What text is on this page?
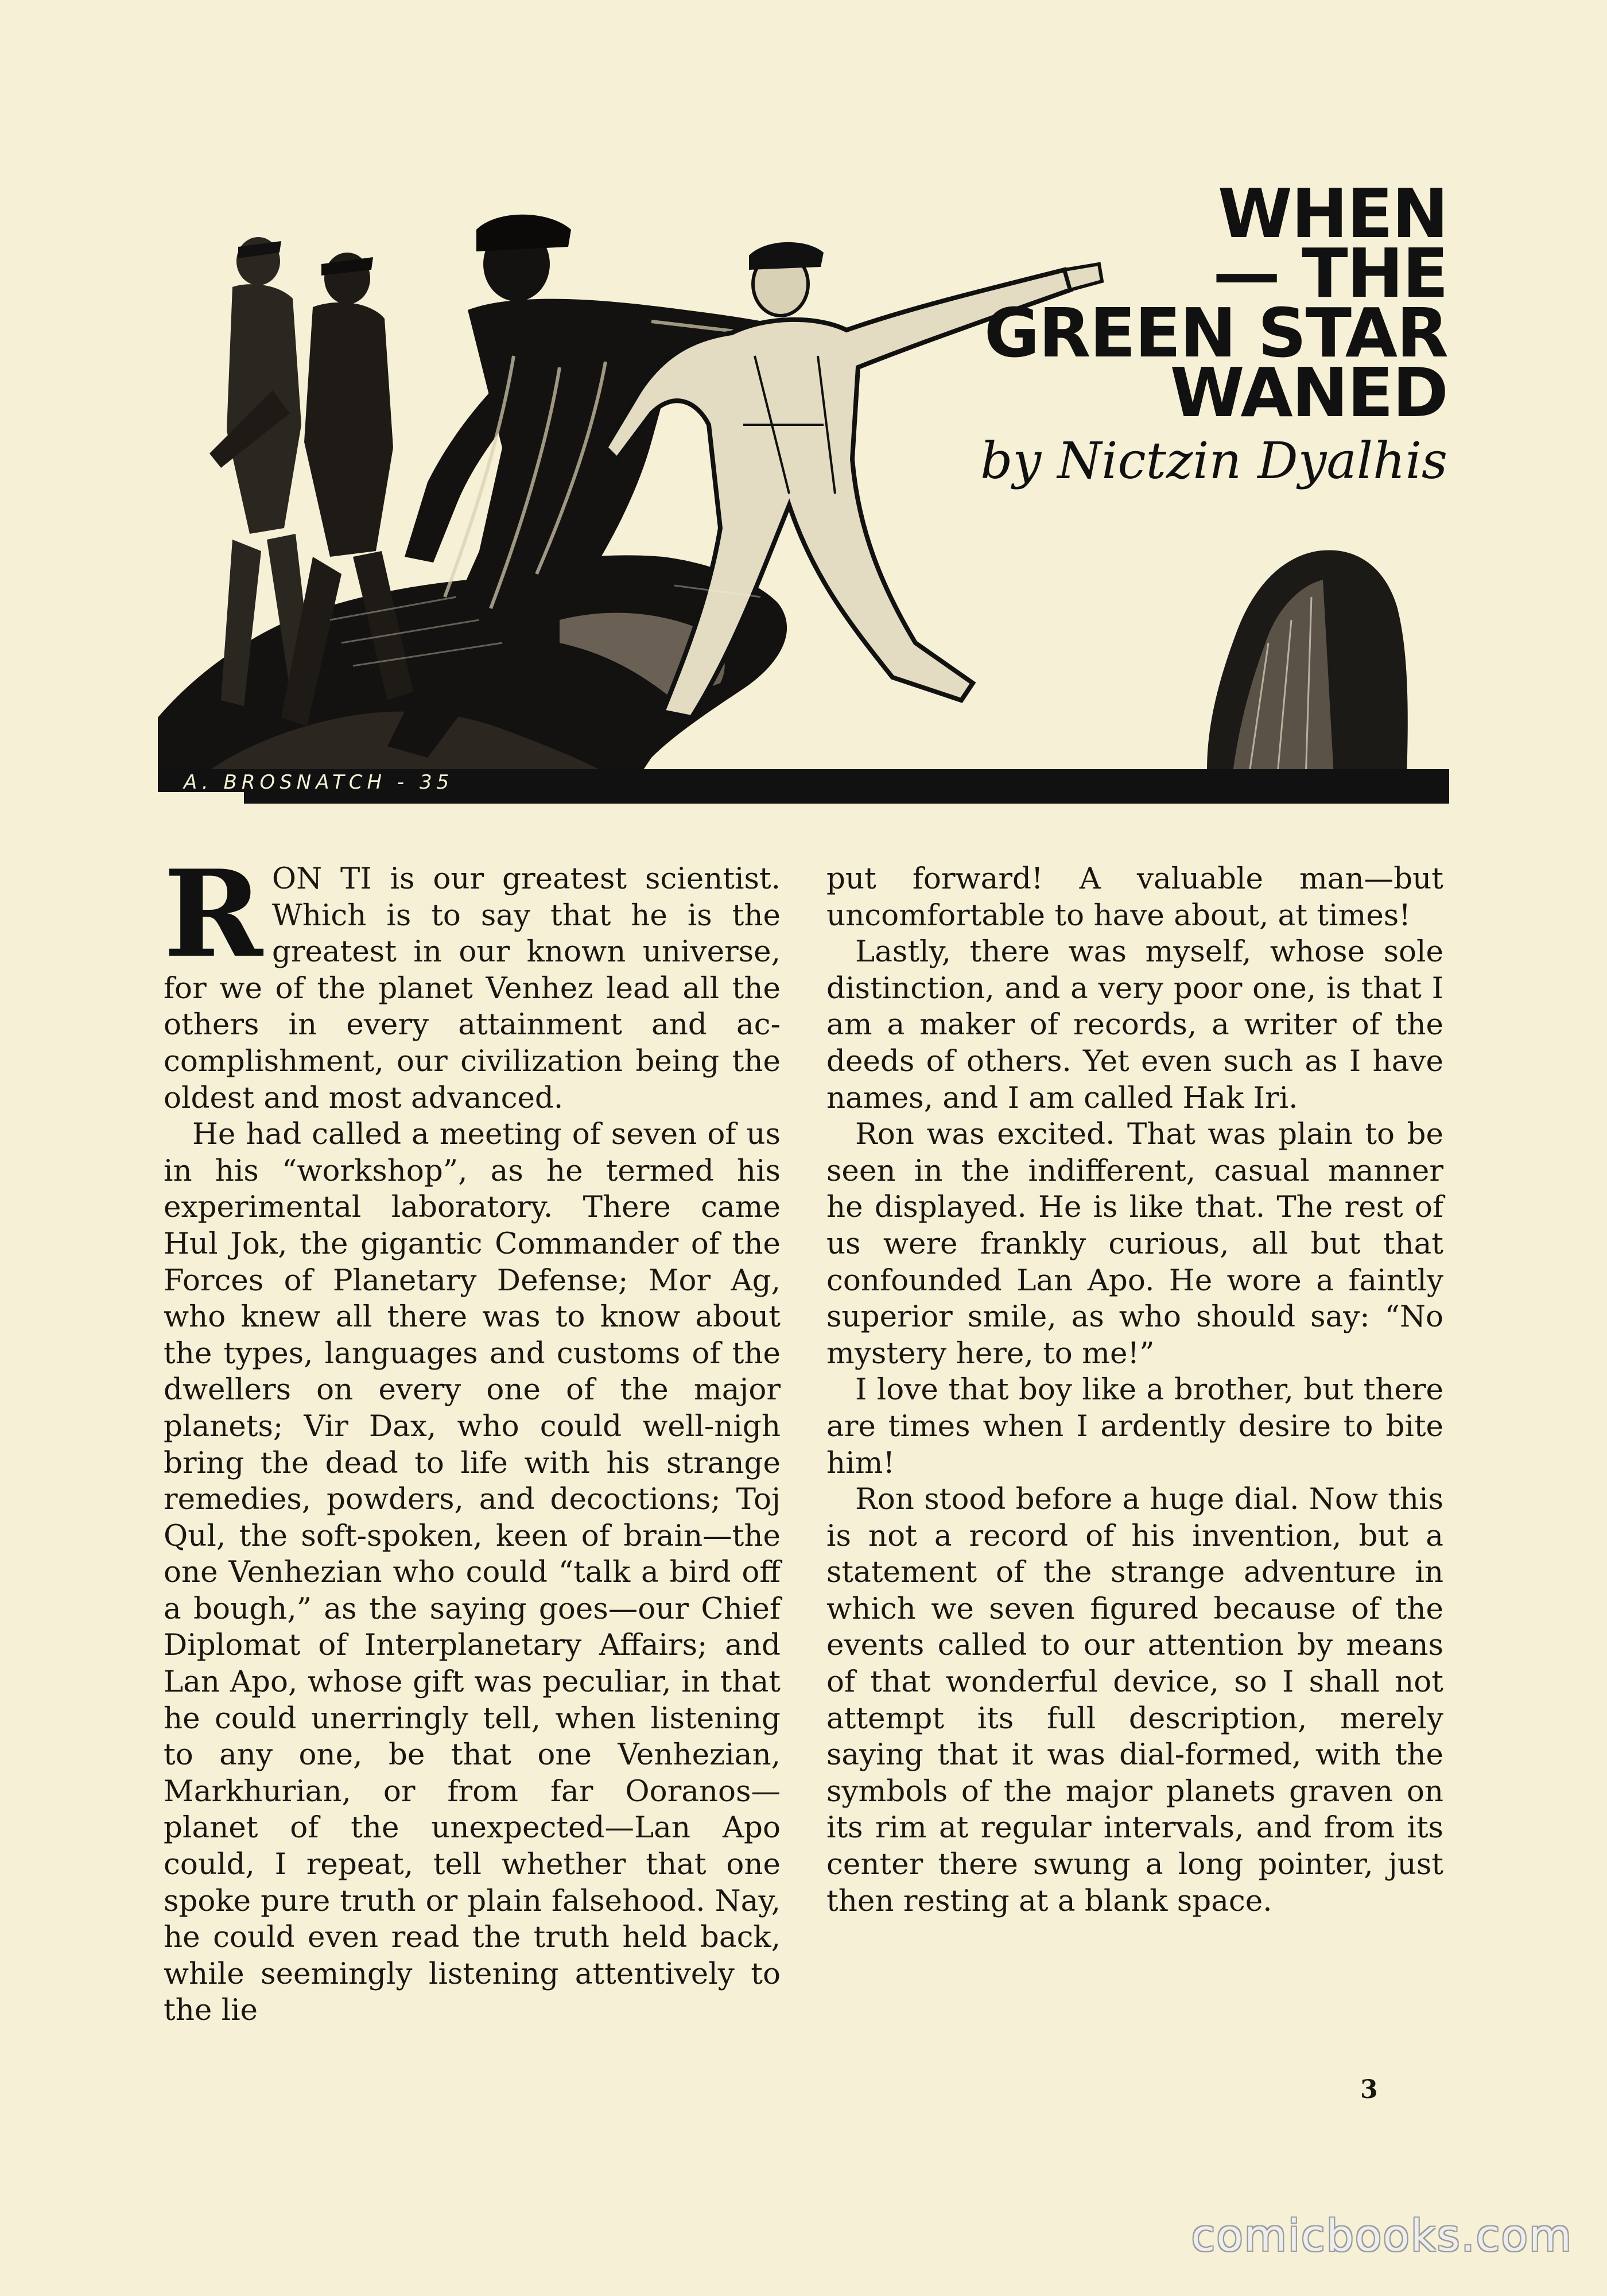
A. BROSNATCH - 35
WHEN
— THE
GREEN STAR
WANED
by Nictzin Dyalhis

RON TI is our greatest scientist. Which is to say that he is the greatest in our known universe, for we of the planet Venhez lead all the others in every attainment and accomplishment, our civilization being the oldest and most advanced.

He had called a meeting of seven of us in his “workshop”, as he termed his experimental laboratory. There came Hul Jok, the gigantic Commander of the Forces of Planetary Defense; Mor Ag, who knew all there was to know about the types, languages and customs of the dwellers on every one of the major planets; Vir Dax, who could well-nigh bring the dead to life with his strange remedies, powders, and decoctions; Toj Qul, the soft-spoken, keen of brain—the one Venhezian who could “talk a bird off a bough,” as the saying goes—our Chief Diplomat of Interplanetary Affairs; and Lan Apo, whose gift was peculiar, in that he could unerringly tell, when listening to any one, be that one Venhezian, Markhurian, or from far Ooranos—planet of the unexpected—Lan Apo could, I repeat, tell whether that one spoke pure truth or plain falsehood. Nay, he could even read the truth held back, while seemingly listening attentively to the lie

put forward! A valuable man—but uncomfortable to have about, at times!

Lastly, there was myself, whose sole distinction, and a very poor one, is that I am a maker of records, a writer of the deeds of others. Yet even such as I have names, and I am called Hak Iri.

Ron was excited. That was plain to be seen in the indifferent, casual manner he displayed. He is like that. The rest of us were frankly curious, all but that confounded Lan Apo. He wore a faintly superior smile, as who should say: “No mystery here, to me!”

I love that boy like a brother, but there are times when I ardently desire to bite him!

Ron stood before a huge dial. Now this is not a record of his invention, but a statement of the strange adventure in which we seven figured because of the events called to our attention by means of that wonderful device, so I shall not attempt its full description, merely saying that it was dial-formed, with the symbols of the major planets graven on its rim at regular intervals, and from its center there swung a long pointer, just then resting at a blank space.

3
comicbooks.com
